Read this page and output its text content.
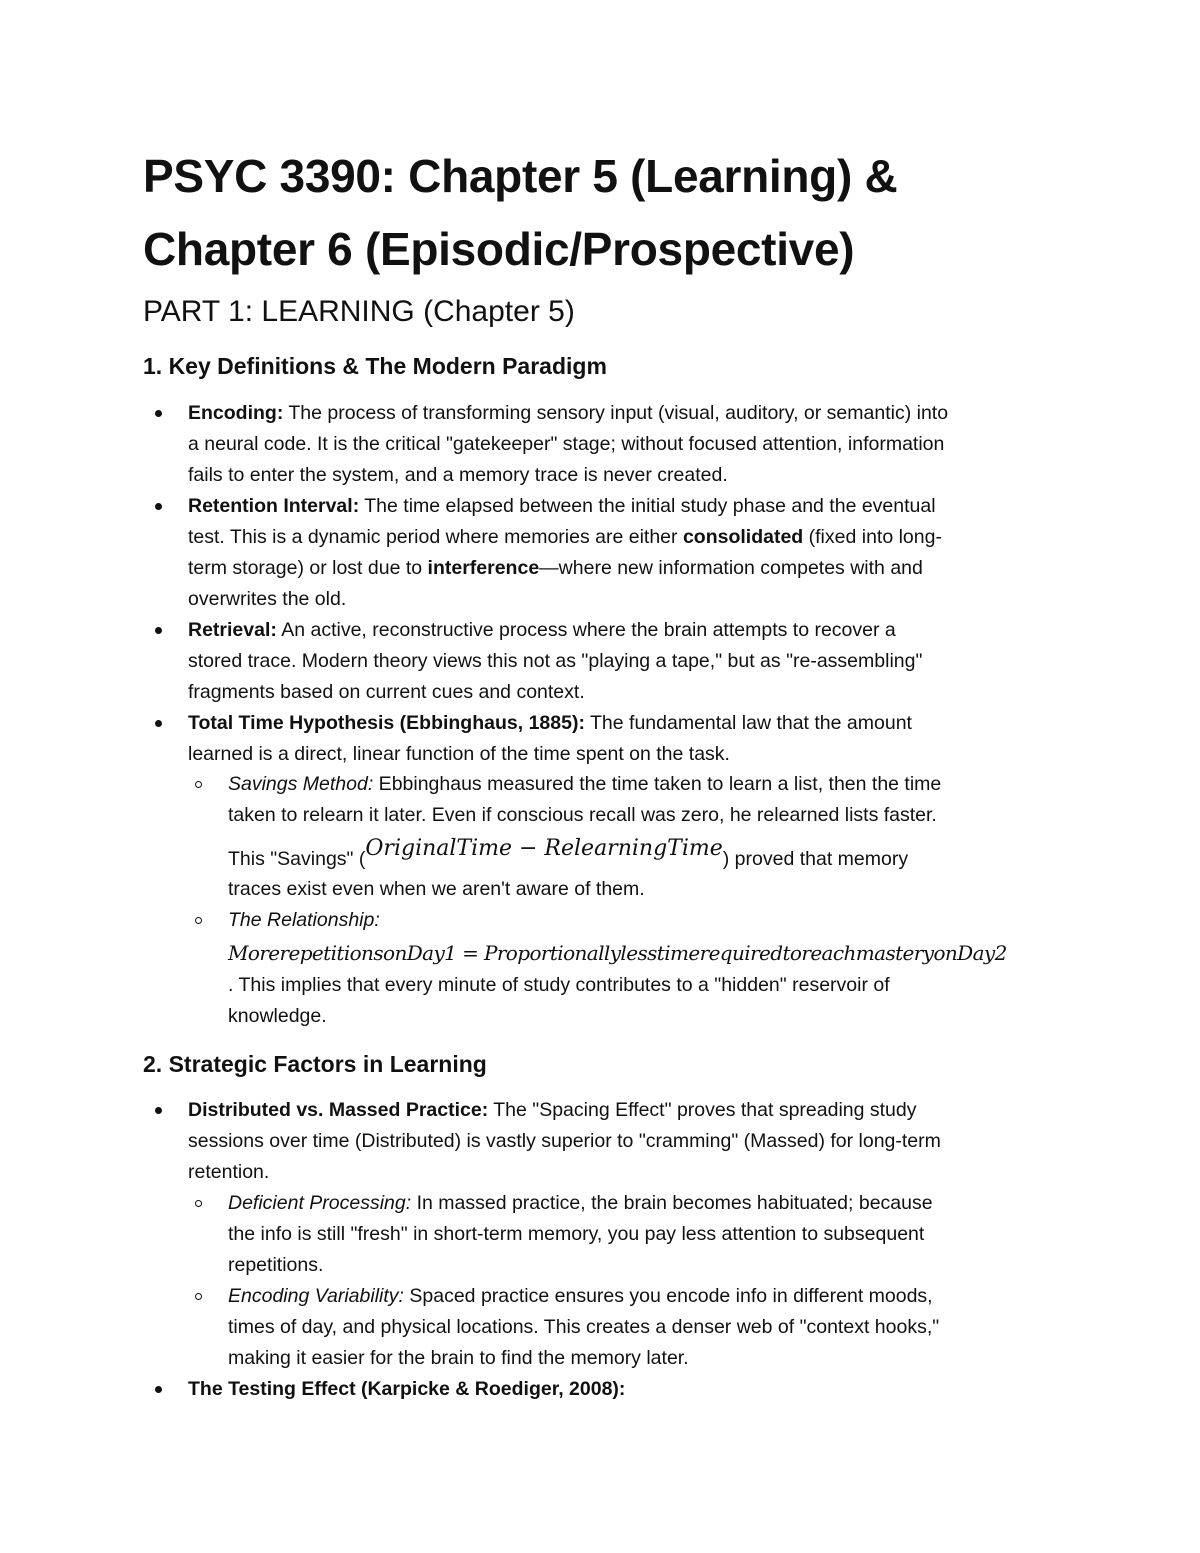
PSYC 3390: Chapter 5 (Learning) &
Chapter 6 (Episodic/Prospective)
PART 1: LEARNING (Chapter 5)
1. Key Definitions & The Modern Paradigm

Encoding: The process of transforming sensory input (visual, auditory, or semantic) into

a neural code. It is the critical "gatekeeper" stage; without focused attention, information

fails to enter the system, and a memory trace is never created.

Retention Interval: The time elapsed between the initial study phase and the eventual

test. This is a dynamic period where memories are either consolidated (fixed into long-

term storage) or lost due to interference—where new information competes with and

overwrites the old.

Retrieval: An active, reconstructive process where the brain attempts to recover a

stored trace. Modern theory views this not as "playing a tape," but as "re-assembling"

fragments based on current cues and context.

Total Time Hypothesis (Ebbinghaus, 1885): The fundamental law that the amount

learned is a direct, linear function of the time spent on the task.

Savings Method: Ebbinghaus measured the time taken to learn a list, then the time

taken to relearn it later. Even if conscious recall was zero, he relearned lists faster.

This "Savings" (OriginalTime − RelearningTime) proved that memory

traces exist even when we aren't aware of them.

The Relationship:

MorerepetitionsonDay1 = ProportionallylesstimerequiredtoreachmasteryonDay2

. This implies that every minute of study contributes to a "hidden" reservoir of

knowledge.

2. Strategic Factors in Learning

Distributed vs. Massed Practice: The "Spacing Effect" proves that spreading study

sessions over time (Distributed) is vastly superior to "cramming" (Massed) for long-term

retention.

Deficient Processing: In massed practice, the brain becomes habituated; because

the info is still "fresh" in short-term memory, you pay less attention to subsequent

repetitions.

Encoding Variability: Spaced practice ensures you encode info in different moods,

times of day, and physical locations. This creates a denser web of "context hooks,"

making it easier for the brain to find the memory later.

The Testing Effect (Karpicke & Roediger, 2008):
